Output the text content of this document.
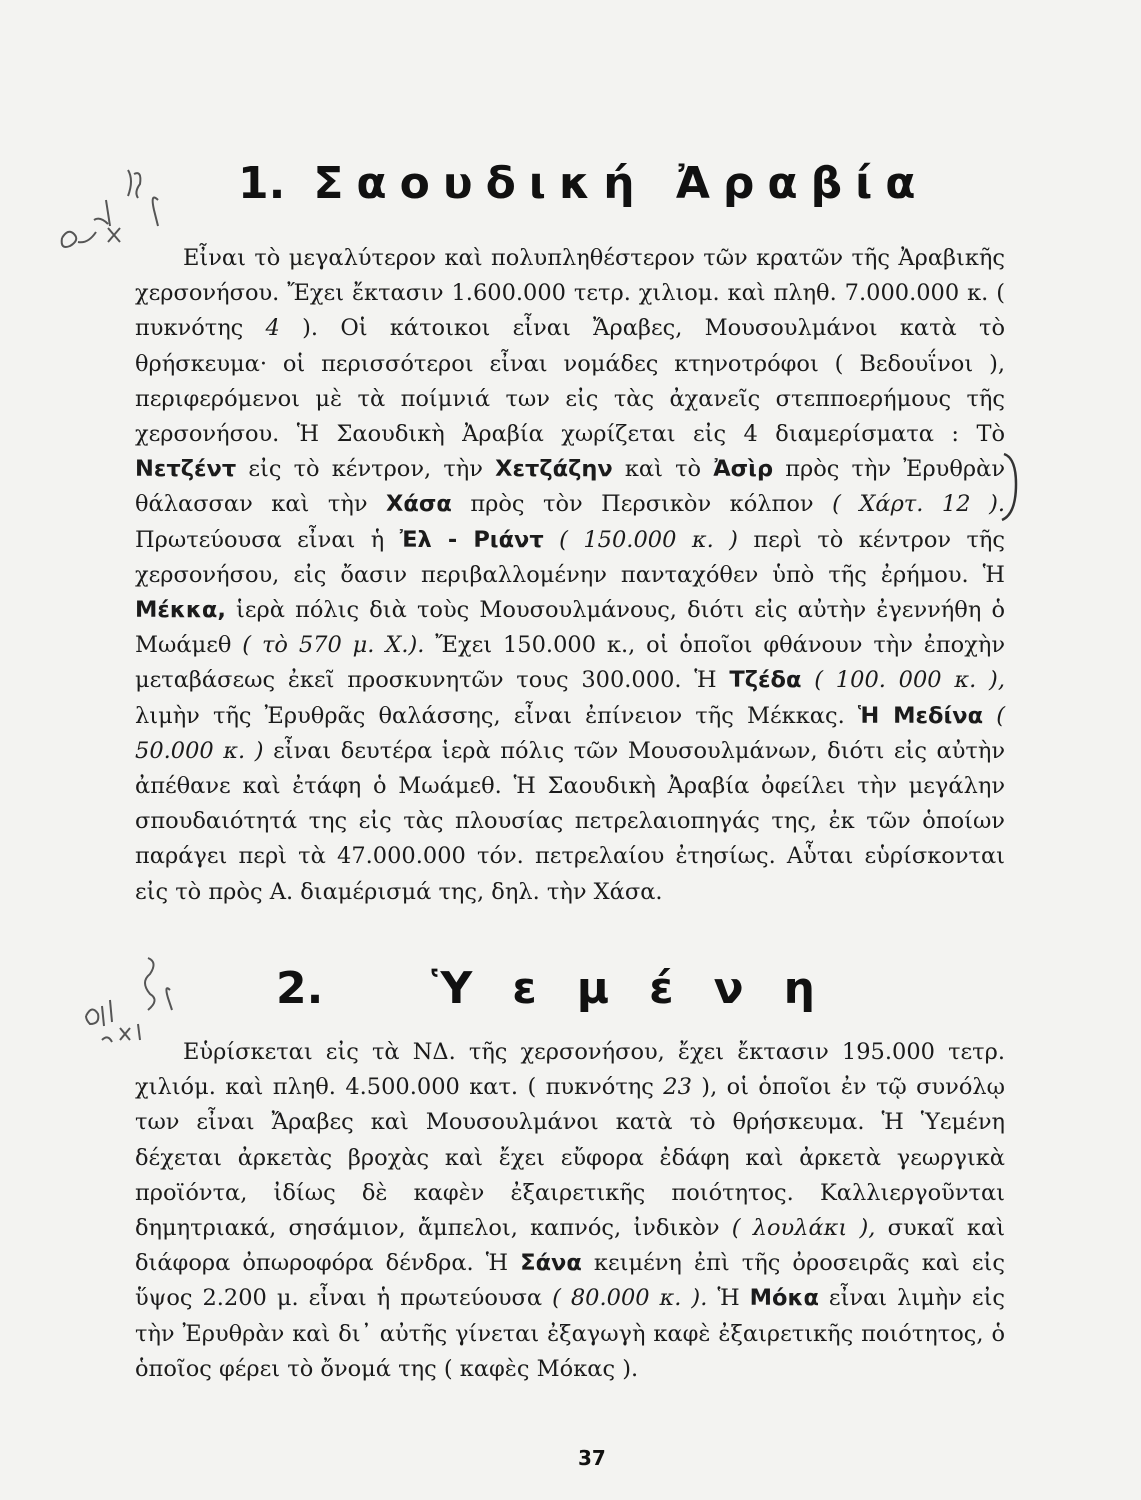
1. Σαουδική Ἀραβία

Εἶναι τὸ μεγαλύτερον καὶ πολυπληθέστερον τῶν κρατῶν τῆς Ἀραβικῆς χερσονήσου. Ἔχει ἔκτασιν 1.600.000 τετρ. χιλιομ. καὶ πληθ. 7.000.000 κ. ( πυκνότης 4 ). Οἱ κάτοικοι εἶναι Ἄραβες, Μουσουλμάνοι κατὰ τὸ θρήσκευμα· οἱ περισσότεροι εἶναι νομάδες κτηνοτρόφοι ( Βεδουΐνοι ), περιφερόμενοι μὲ τὰ ποίμνιά των εἰς τὰς ἀχανεῖς στεπποερήμους τῆς χερσονήσου. Ἡ Σαουδικὴ Ἀραβία χωρίζεται εἰς 4 διαμερίσματα : Τὸ Νετζέντ εἰς τὸ κέντρον, τὴν Χετζάζην καὶ τὸ Ἀσὶρ πρὸς τὴν Ἐρυθρὰν θάλασσαν καὶ τὴν Χάσα πρὸς τὸν Περσικὸν κόλπον ( Χάρτ. 12 ). Πρωτεύουσα εἶναι ἡ Ἐλ - Ριάντ ( 150.000 κ. ) περὶ τὸ κέντρον τῆς χερσονήσου, εἰς ὄασιν περιβαλλομένην πανταχόθεν ὑπὸ τῆς ἐρήμου. Ἡ Μέκκα, ἱερὰ πόλις διὰ τοὺς Μουσουλμάνους, διότι εἰς αὐτὴν ἐγεννήθη ὁ Μωάμεθ ( τὸ 570 μ. Χ.). Ἔχει 150.000 κ., οἱ ὁποῖοι φθάνουν τὴν ἐποχὴν μεταβάσεως ἐκεῖ προσκυνητῶν τους 300.000. Ἡ Τζέδα ( 100. 000 κ. ), λιμὴν τῆς Ἐρυθρᾶς θαλάσσης, εἶναι ἐπίνειον τῆς Μέκκας. Ἡ Μεδίνα ( 50.000 κ. ) εἶναι δευτέρα ἱερὰ πόλις τῶν Μουσουλμάνων, διότι εἰς αὐτὴν ἀπέθανε καὶ ἐτάφη ὁ Μωάμεθ. Ἡ Σαουδικὴ Ἀραβία ὀφείλει τὴν μεγάλην σπουδαιότητά της εἰς τὰς πλουσίας πετρελαιοπηγάς της, ἐκ τῶν ὁποίων παράγει περὶ τὰ 47.000.000 τόν. πετρελαίου ἐτησίως. Αὗται εὑρίσκονται εἰς τὸ πρὸς Α. διαμέρισμά της, δηλ. τὴν Χάσα.

2. Ὑεμένη

Εὑρίσκεται εἰς τὰ ΝΔ. τῆς χερσονήσου, ἔχει ἔκτασιν 195.000 τετρ. χιλιόμ. καὶ πληθ. 4.500.000 κατ. ( πυκνότης 23 ), οἱ ὁποῖοι ἐν τῷ συνόλῳ των εἶναι Ἄραβες καὶ Μουσουλμάνοι κατὰ τὸ θρήσκευμα. Ἡ Ὑεμένη δέχεται ἀρκετὰς βροχὰς καὶ ἔχει εὔφορα ἐδάφη καὶ ἀρκετὰ γεωργικὰ προϊόντα, ἰδίως δὲ καφὲν ἐξαιρετικῆς ποιότητος. Καλλιεργοῦνται δημητριακά, σησάμιον, ἄμπελοι, καπνός, ἰνδικὸν ( λουλάκι ), συκαῖ καὶ διάφορα ὀπωροφόρα δένδρα. Ἡ Σάνα κειμένη ἐπὶ τῆς ὀροσειρᾶς καὶ εἰς ὕψος 2.200 μ. εἶναι ἡ πρωτεύουσα ( 80.000 κ. ). Ἡ Μόκα εἶναι λιμὴν εἰς τὴν Ἐρυθρὰν καὶ δι᾽ αὐτῆς γίνεται ἐξαγωγὴ καφὲ ἐξαιρετικῆς ποιότητος, ὁ ὁποῖος φέρει τὸ ὄνομά της ( καφὲς Μόκας ).

37
